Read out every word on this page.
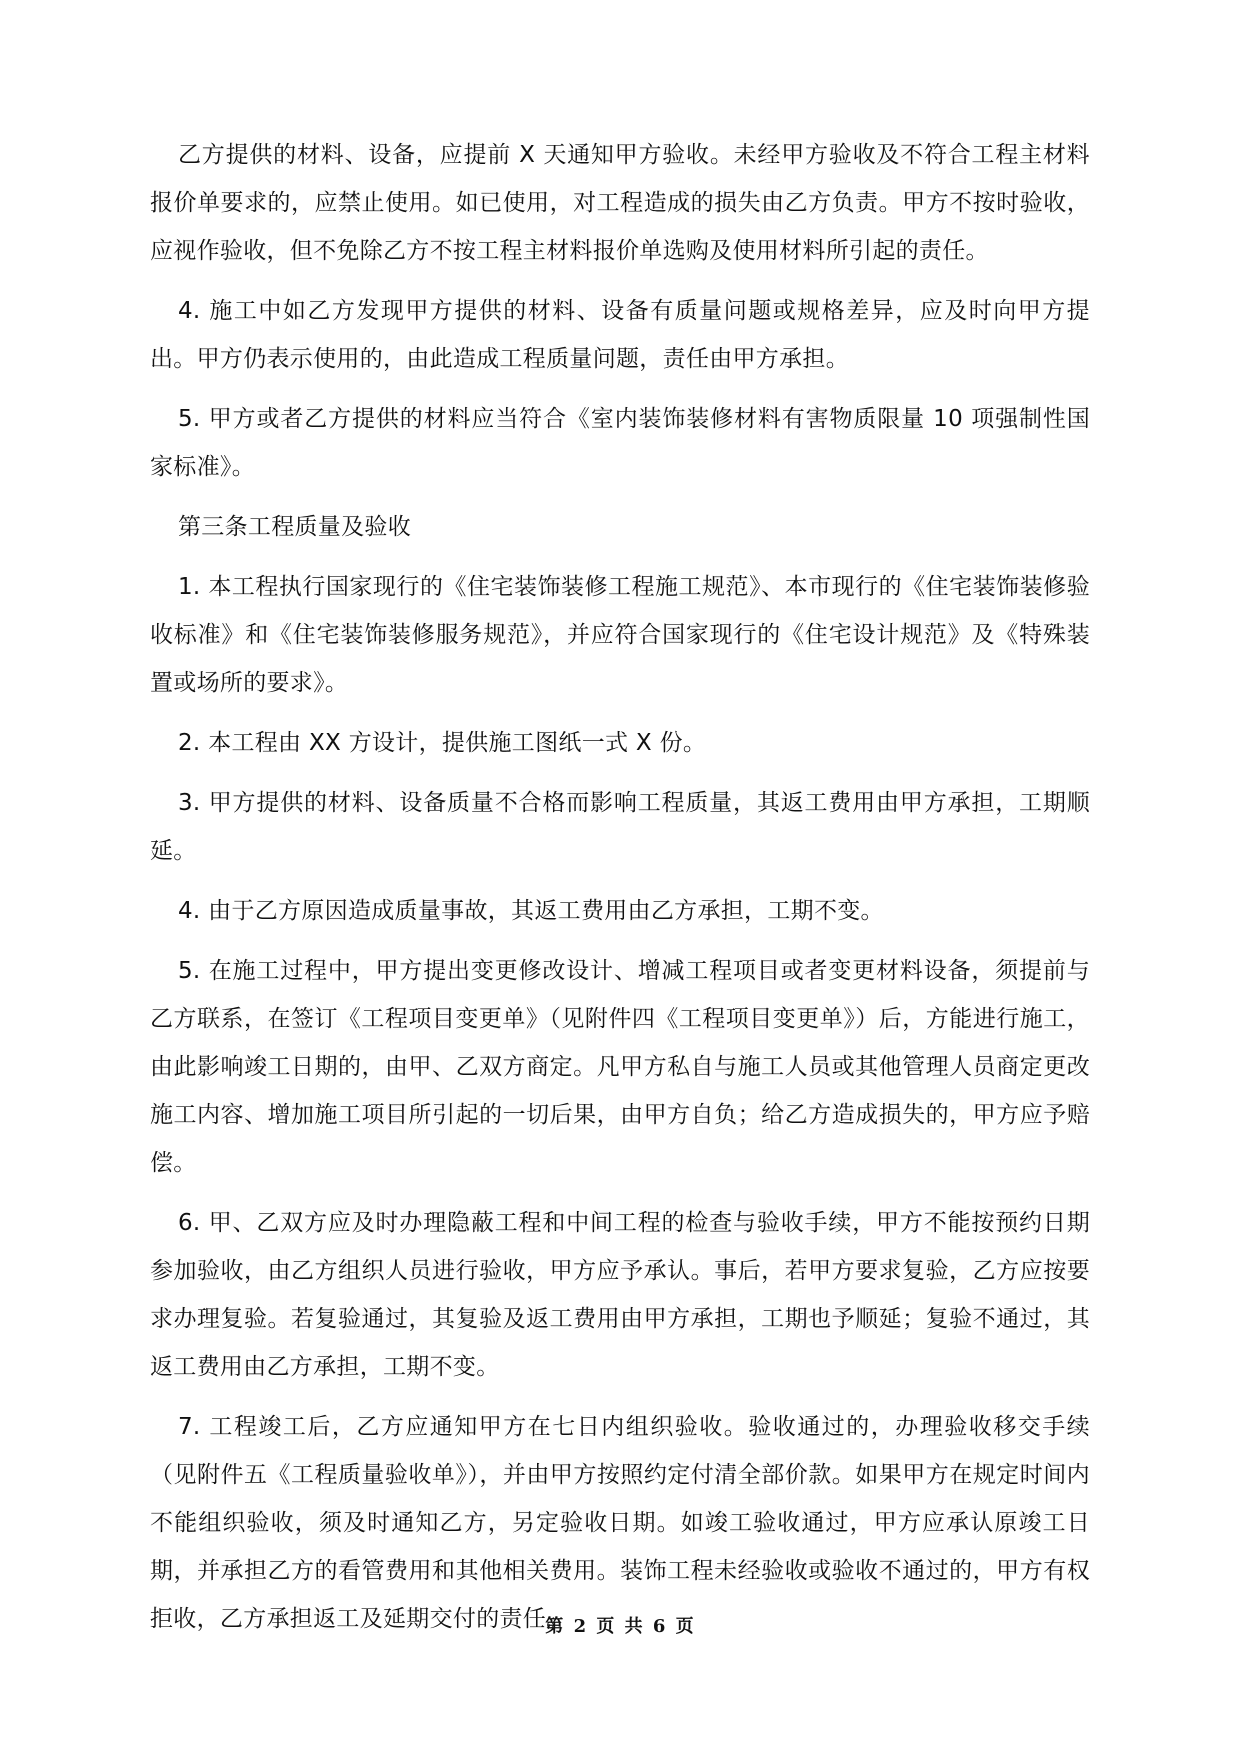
乙方提供的材料、设备，应提前 X 天通知甲方验收。未经甲方验收及不符合工程主材料报价单要求的，应禁止使用。如已使用，对工程造成的损失由乙方负责。甲方不按时验收，应视作验收，但不免除乙方不按工程主材料报价单选购及使用材料所引起的责任。

4. 施工中如乙方发现甲方提供的材料、设备有质量问题或规格差异，应及时向甲方提出。甲方仍表示使用的，由此造成工程质量问题，责任由甲方承担。

5. 甲方或者乙方提供的材料应当符合《室内装饰装修材料有害物质限量 10 项强制性国家标准》。

第三条工程质量及验收

1. 本工程执行国家现行的《住宅装饰装修工程施工规范》、本市现行的《住宅装饰装修验收标准》和《住宅装饰装修服务规范》，并应符合国家现行的《住宅设计规范》及《特殊装置或场所的要求》。

2. 本工程由 XX 方设计，提供施工图纸一式 X 份。

3. 甲方提供的材料、设备质量不合格而影响工程质量，其返工费用由甲方承担，工期顺延。

4. 由于乙方原因造成质量事故，其返工费用由乙方承担，工期不变。

5. 在施工过程中，甲方提出变更修改设计、增减工程项目或者变更材料设备，须提前与乙方联系，在签订《工程项目变更单》（见附件四《工程项目变更单》）后，方能进行施工，由此影响竣工日期的，由甲、乙双方商定。凡甲方私自与施工人员或其他管理人员商定更改施工内容、增加施工项目所引起的一切后果，由甲方自负；给乙方造成损失的，甲方应予赔偿。

6. 甲、乙双方应及时办理隐蔽工程和中间工程的检查与验收手续，甲方不能按预约日期参加验收，由乙方组织人员进行验收，甲方应予承认。事后，若甲方要求复验，乙方应按要求办理复验。若复验通过，其复验及返工费用由甲方承担，工期也予顺延；复验不通过，其返工费用由乙方承担，工期不变。

7. 工程竣工后，乙方应通知甲方在七日内组织验收。验收通过的，办理验收移交手续（见附件五《工程质量验收单》），并由甲方按照约定付清全部价款。如果甲方在规定时间内不能组织验收，须及时通知乙方，另定验收日期。如竣工验收通过，甲方应承认原竣工日期，并承担乙方的看管费用和其他相关费用。装饰工程未经验收或验收不通过的，甲方有权拒收，乙方承担返工及延期交付的责任。

第 2 页 共 6 页
